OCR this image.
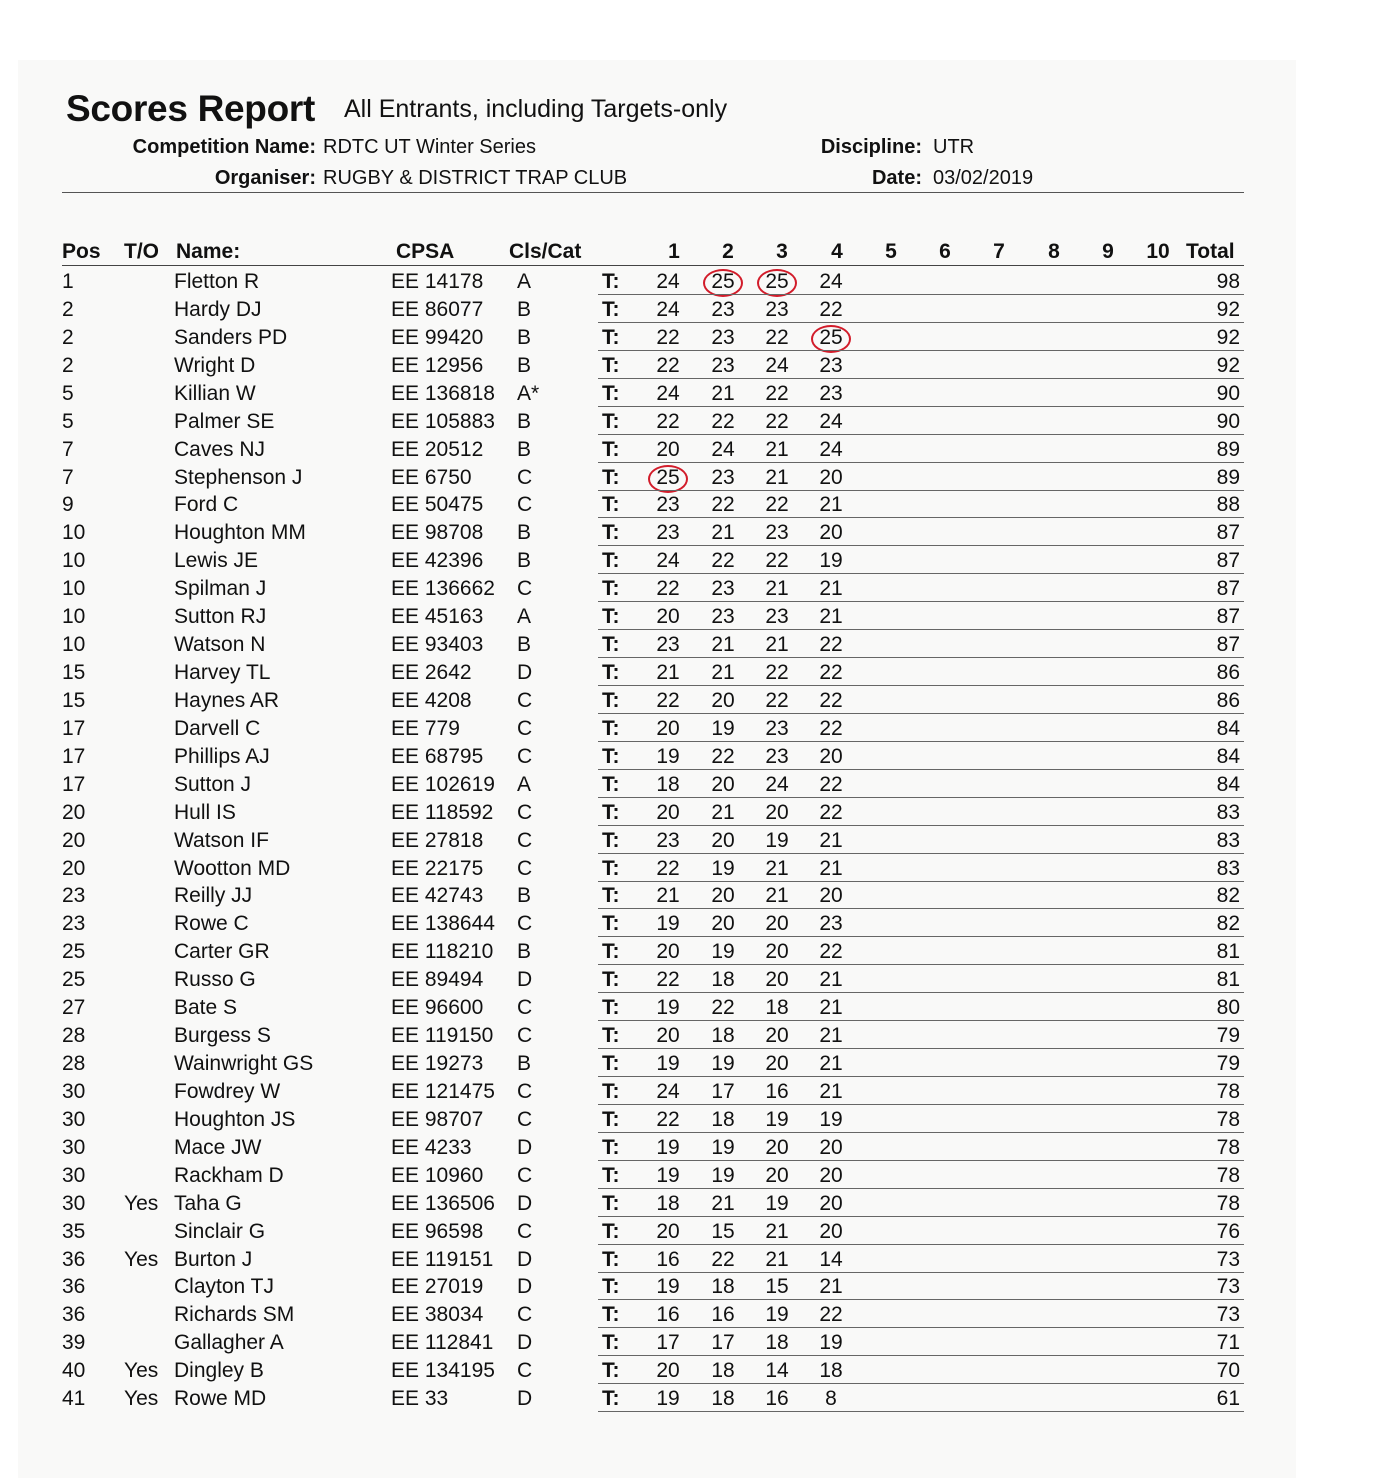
Scores Report All Entrants, including Targets-only
Competition Name: RDTC UT Winter Series
Organiser: RUGBY & DISTRICT TRAP CLUB
Discipline: UTR
Date: 03/02/2019
Pos T/O Name:	CPSA	Cls/Cat	1	2	3	4	5	6	7	8	9	10 Total
1	Fletton R	EE 14178 A	T:	24	25	25	24	98
2	Hardy DJ	EE 86077 B	T:	24	23	23	22	92
2	Sanders PD	EE 99420 B	T:	22	23	22	25	92
2	Wright D	EE 12956 B	T:	22	23	24	23	92
5	Killian W	EE 136818 A*	T:	24	21	22	23	90
5	Palmer SE	EE 105883 B	T:	22	22	22	24	90
7	Caves NJ	EE 20512 B	T:	20	24	21	24	89
7	Stephenson J	EE 6750 C	T:	25	23	21	20	89
9	Ford C	EE 50475 C	T:	23	22	22	21	88
10	Houghton MM	EE 98708 B	T:	23	21	23	20	87
10	Lewis JE	EE 42396 B	T:	24	22	22	19	87
10	Spilman J	EE 136662 C	T:	22	23	21	21	87
10	Sutton RJ	EE 45163 A	T:	20	23	23	21	87
10	Watson N	EE 93403 B	T:	23	21	21	22	87
15	Harvey TL	EE 2642 D	T:	21	21	22	22	86
15	Haynes AR	EE 4208 C	T:	22	20	22	22	86
17	Darvell C	EE 779	C	T:	20	19	23	22	84
17	Phillips AJ	EE 68795 C	T:	19	22	23	20	84
17	Sutton J	EE 102619 A	T:	18	20	24	22	84
20	Hull IS	EE 118592 C	T:	20	21	20	22	83
20	Watson IF	EE 27818 C	T:	23	20	19	21	83
20	Wootton MD	EE 22175 C	T:	22	19	21	21	83
23	Reilly JJ	EE 42743 B	T:	21	20	21	20	82
23	Rowe C	EE 138644 C	T:	19	20	20	23	82
25	Carter GR	EE 118210 B	T:	20	19	20	22	81
25	Russo G	EE 89494 D	T:	22	18	20	21	81
27	Bate S	EE 96600 C	T:	19	22	18	21	80
28	Burgess S	EE 119150 C	T:	20	18	20	21	79
28	Wainwright GS	EE 19273 B	T:	19	19	20	21	79
30	Fowdrey W	EE 121475 C	T:	24	17	16	21	78
30	Houghton JS	EE 98707 C	T:	22	18	19	19	78
30	Mace JW	EE 4233 D	T:	19	19	20	20	78
30	Rackham D	EE 10960 C	T:	19	19	20	20	78
30 Yes Taha G	EE 136506 D	T:	18	21	19	20	78
35	Sinclair G	EE 96598 C	T:	20	15	21	20	76
36 Yes Burton J	EE 119151 D	T:	16	22	21	14	73
36	Clayton TJ	EE 27019 D	T:	19	18	15	21	73
36	Richards SM	EE 38034 C	T:	16	16	19	22	73
39	Gallagher A	EE 112841 D	T:	17	17	18	19	71
40 Yes Dingley B	EE 134195 C	T:	20	18	14	18	70
41 Yes Rowe MD	EE 33	D	T:	19	18	16	8	61
